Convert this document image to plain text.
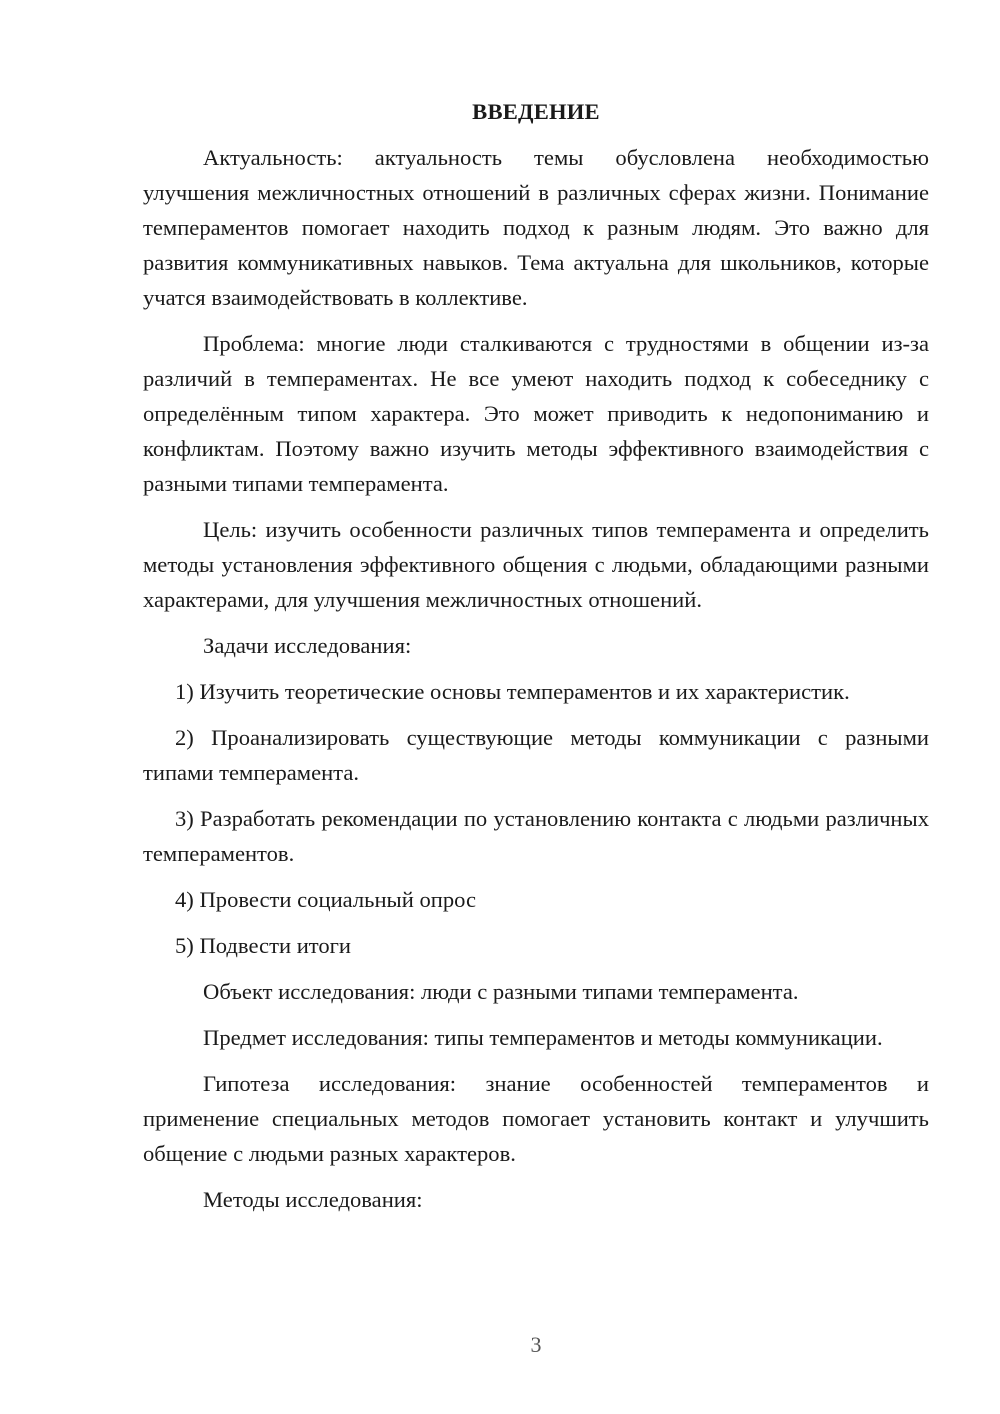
ВВЕДЕНИЕ

Актуальность: актуальность темы обусловлена необходимостью улучшения межличностных отношений в различных сферах жизни. Понимание темпераментов помогает находить подход к разным людям. Это важно для развития коммуникативных навыков. Тема актуальна для школьников, которые учатся взаимодействовать в коллективе.

Проблема: многие люди сталкиваются с трудностями в общении из-за различий в темпераментах. Не все умеют находить подход к собеседнику с определённым типом характера. Это может приводить к недопониманию и конфликтам. Поэтому важно изучить методы эффективного взаимодействия с разными типами темперамента.

Цель: изучить особенности различных типов темперамента и определить методы установления эффективного общения с людьми, обладающими разными характерами, для улучшения межличностных отношений.

Задачи исследования:

1) Изучить теоретические основы темпераментов и их характеристик.

2) Проанализировать существующие методы коммуникации с разными типами темперамента.

3) Разработать рекомендации по установлению контакта с людьми различных темпераментов.

4) Провести социальный опрос

5) Подвести итоги

Объект исследования: люди с разными типами темперамента.

Предмет исследования: типы темпераментов и методы коммуникации.

Гипотеза исследования: знание особенностей темпераментов и применение специальных методов помогает установить контакт и улучшить общение с людьми разных характеров.

Методы исследования:

3
